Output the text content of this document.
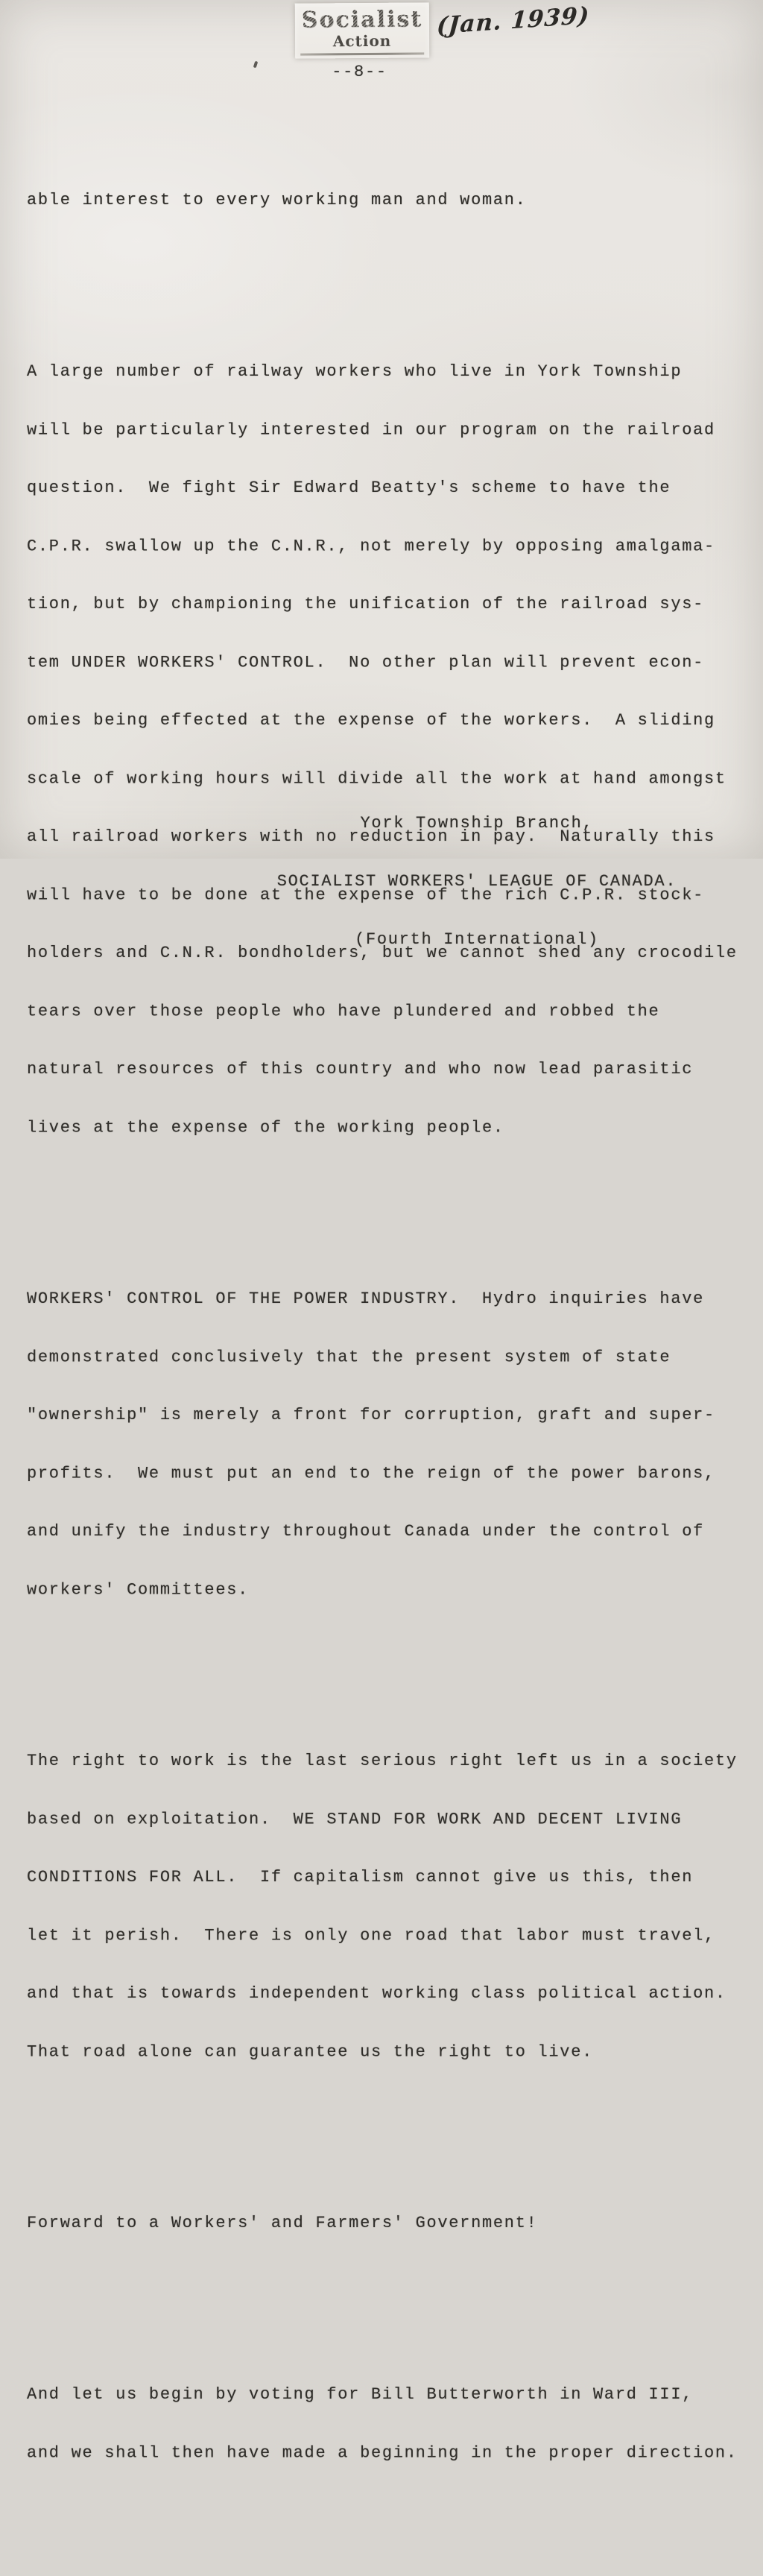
Socialist
Action
(Jan. 1939)
--8--

able interest to every working man and woman.

A large number of railway workers who live in York Township

will be particularly interested in our program on the railroad

question.  We fight Sir Edward Beatty's scheme to have the

C.P.R. swallow up the C.N.R., not merely by opposing amalgama-

tion, but by championing the unification of the railroad sys-

tem UNDER WORKERS' CONTROL.  No other plan will prevent econ-

omies being effected at the expense of the workers.  A sliding

scale of working hours will divide all the work at hand amongst

all railroad workers with no reduction in pay.  Naturally this

will have to be done at the expense of the rich C.P.R. stock-

holders and C.N.R. bondholders, but we cannot shed any crocodile

tears over those people who have plundered and robbed the

natural resources of this country and who now lead parasitic

lives at the expense of the working people.

WORKERS' CONTROL OF THE POWER INDUSTRY.  Hydro inquiries have

demonstrated conclusively that the present system of state

"ownership" is merely a front for corruption, graft and super-

profits.  We must put an end to the reign of the power barons,

and unify the industry throughout Canada under the control of

workers' Committees.

The right to work is the last serious right left us in a society

based on exploitation.  WE STAND FOR WORK AND DECENT LIVING

CONDITIONS FOR ALL.  If capitalism cannot give us this, then

let it perish.  There is only one road that labor must travel,

and that is towards independent working class political action.

That road alone can guarantee us the right to live.

Forward to a Workers' and Farmers' Government!

And let us begin by voting for Bill Butterworth in Ward III,

and we shall then have made a beginning in the proper direction.

York Township Branch,

SOCIALIST WORKERS' LEAGUE OF CANADA.

(Fourth International)
